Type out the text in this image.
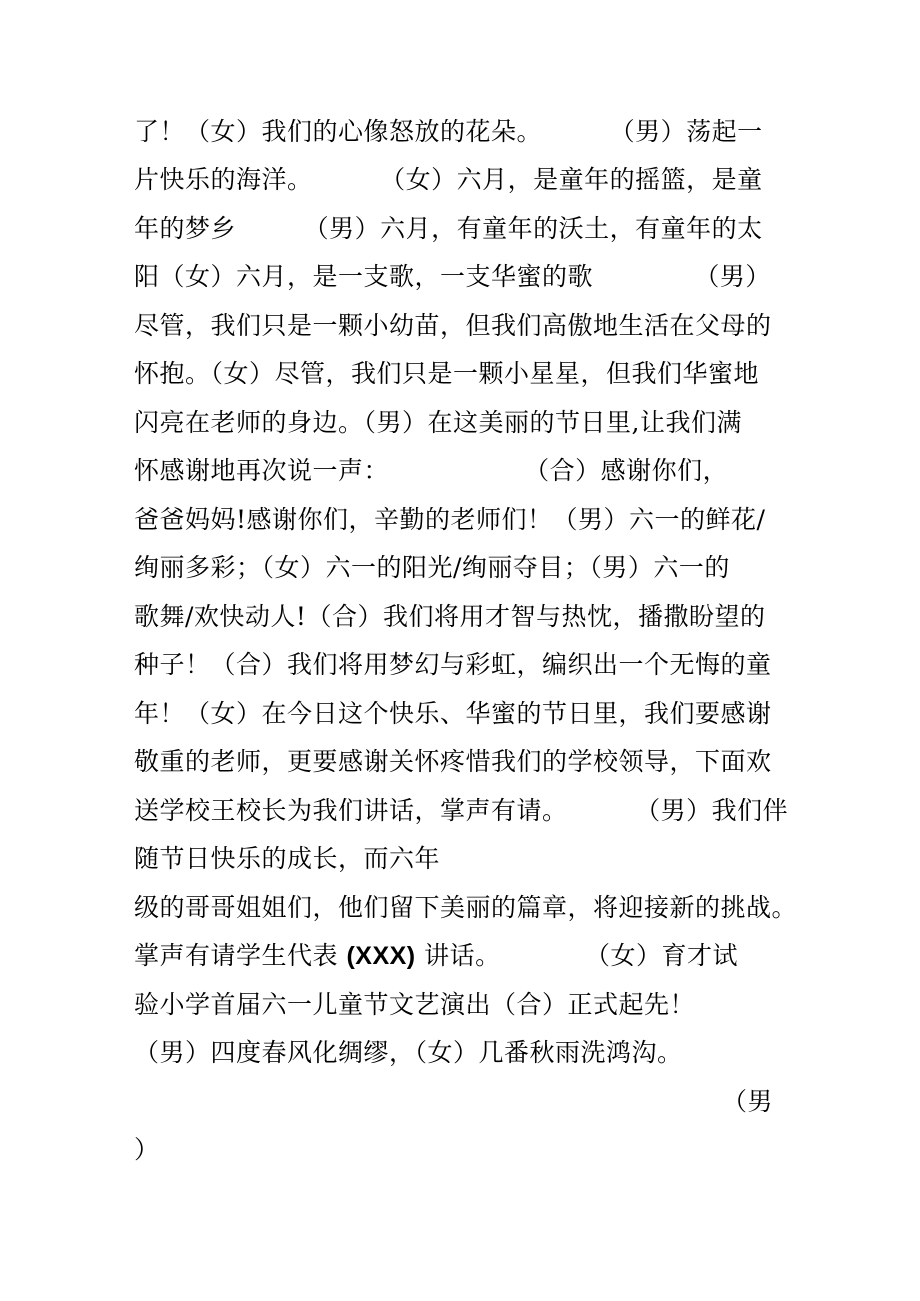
了！（女）我们的心像怒放的花朵。        （男）荡起一
片快乐的海洋。        （女）六月，是童年的摇篮，是童
年的梦乡        （男）六月，有童年的沃土，有童年的太
阳（女）六月，是一支歌，一支华蜜的歌            （男）
尽管，我们只是一颗小幼苗，但我们高傲地生活在父母的
怀抱。（女）尽管，我们只是一颗小星星，但我们华蜜地
闪亮在老师的身边。（男）在这美丽的节日里,让我们满
怀感谢地再次说一声：                （合）感谢你们，
爸爸妈妈!感谢你们，辛勤的老师们！（男）六一的鲜花/
绚丽多彩；（女）六一的阳光/绚丽夺目；（男）六一的
歌舞/欢快动人!（合）我们将用才智与热忱，播撒盼望的
种子！（合）我们将用梦幻与彩虹，编织出一个无悔的童
年！（女）在今日这个快乐、华蜜的节日里，我们要感谢
敬重的老师，更要感谢关怀疼惜我们的学校领导，下面欢
送学校王校长为我们讲话，掌声有请。        （男）我们伴
随节日快乐的成长，而六年
级的哥哥姐姐们，他们留下美丽的篇章，将迎接新的挑战。
掌声有请学生代表 (XXX) 讲话。          （女）育才试
验小学首届六一儿童节文艺演出（合）正式起先！
（男）四度春风化绸缪，（女）几番秋雨洗鸿沟。
（男
）
